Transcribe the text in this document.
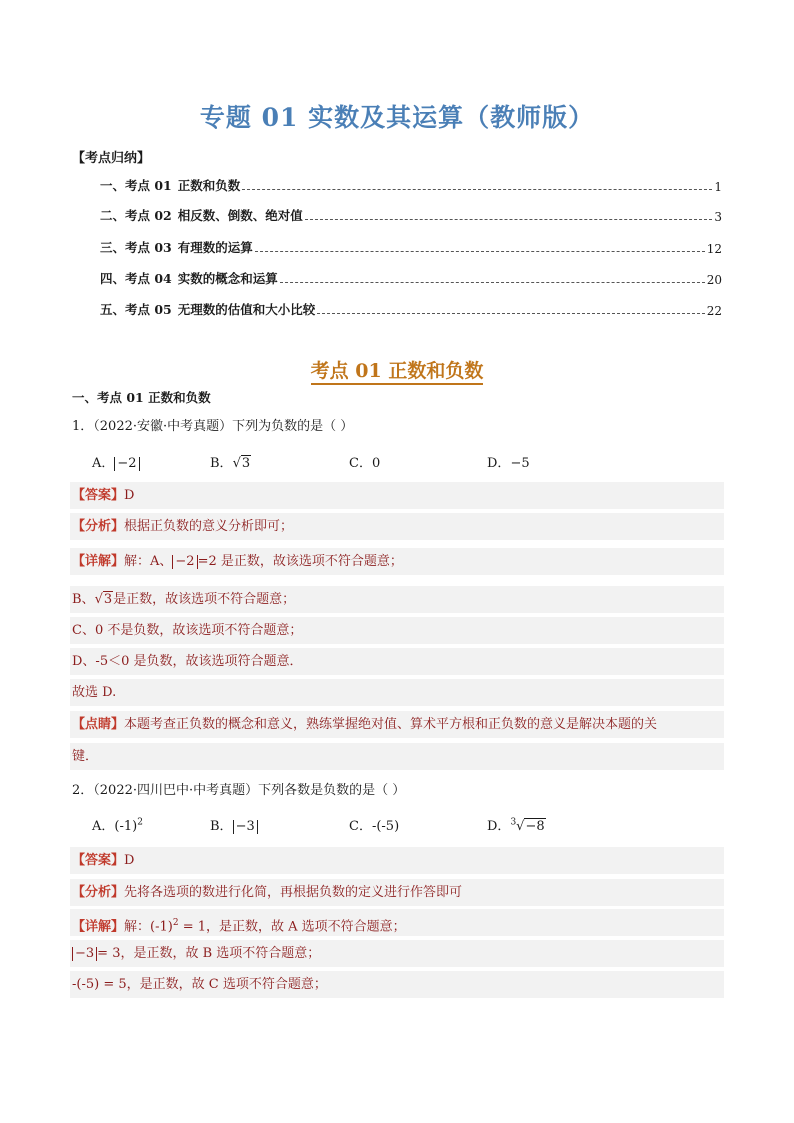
专题 01 实数及其运算（教师版）
【考点归纳】
一、考点 01 正数和负数	1
二、考点 02 相反数、倒数、绝对值	3
三、考点 03 有理数的运算	12
四、考点 04 实数的概念和运算	20
五、考点 05 无理数的估值和大小比较	22
考点 01 正数和负数
一、考点 01 正数和负数
1．（2022·安徽·中考真题）下列为负数的是（ ）
A． −2	B．√3	C．0	D．−5
【答案】D
【分析】根据正负数的意义分析即可；
【详解】解：A、 −2 =2 是正数，故该选项不符合题意；
B、√3是正数，故该选项不符合题意；
C、0 不是负数，故该选项不符合题意；
D、-5＜0 是负数，故该选项符合题意．
故选 D.
【点睛】本题考查正负数的概念和意义，熟练掌握绝对值、算术平方根和正负数的意义是解决本题的关
键．
2．（2022·四川巴中·中考真题）下列各数是负数的是（ ）
A．$(-1)^2$	B． −3	C．-(-5)	D．$^3$√−8
【答案】D
【分析】先将各选项的数进行化简，再根据负数的定义进行作答即可
【详解】解：$(-1)^2 = 1$，是正数，故 A 选项不符合题意；
−3 = 3，是正数，故 B 选项不符合题意；
-(-5) = 5，是正数，故 C 选项不符合题意；
